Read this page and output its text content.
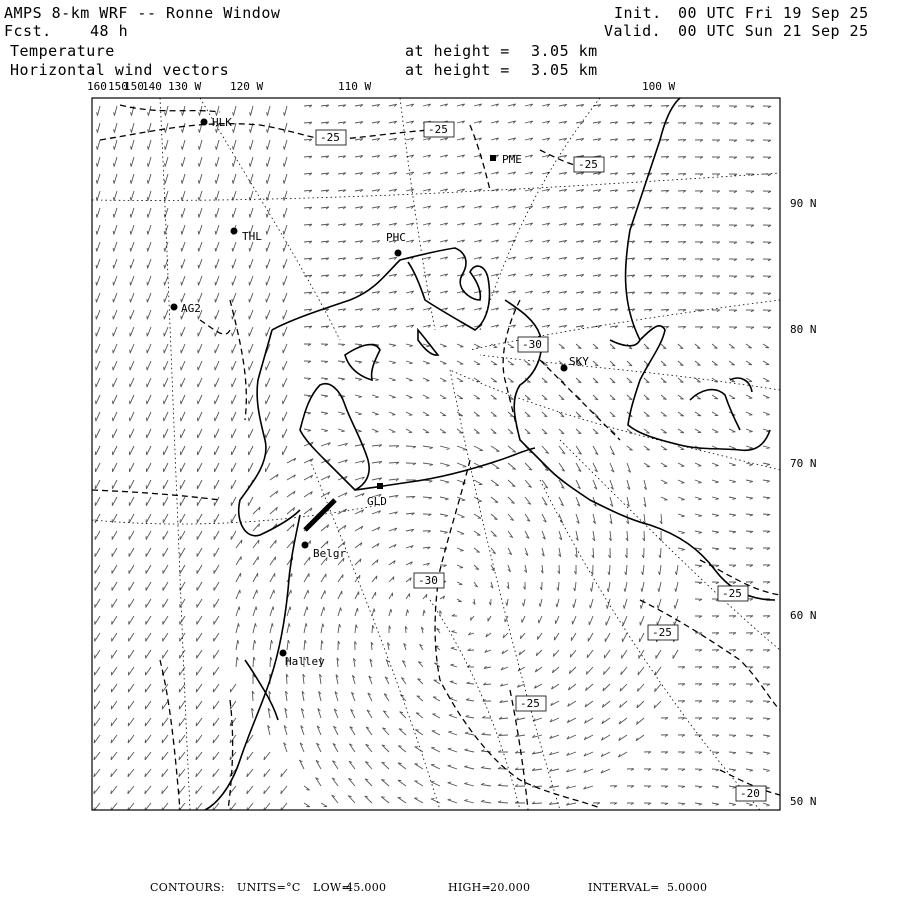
AMPS 8-km WRF -- Ronne Window	Init. 00 UTC Fri 19 Sep 25
Fcst.	48 h	Valid. 00 UTC Sun 21 Sep 25
Temperature
Horizontal wind vectors
at height = 3.05 km
at height = 3.05 km
160 150
150
140 130 W	120 W	110 W	100 W
90 N
80 N
70 N
60 N
50 N
-25
-25
-25
-30
-30
-25
-25
-25
-20
HLK
PME
THL	PHC
AG2
SKY
GLD
Belgr
Halley
CONTOURS: UNITS=°C LOW=
-45.000	HIGH=
-20.000	INTERVAL= 5.0000
